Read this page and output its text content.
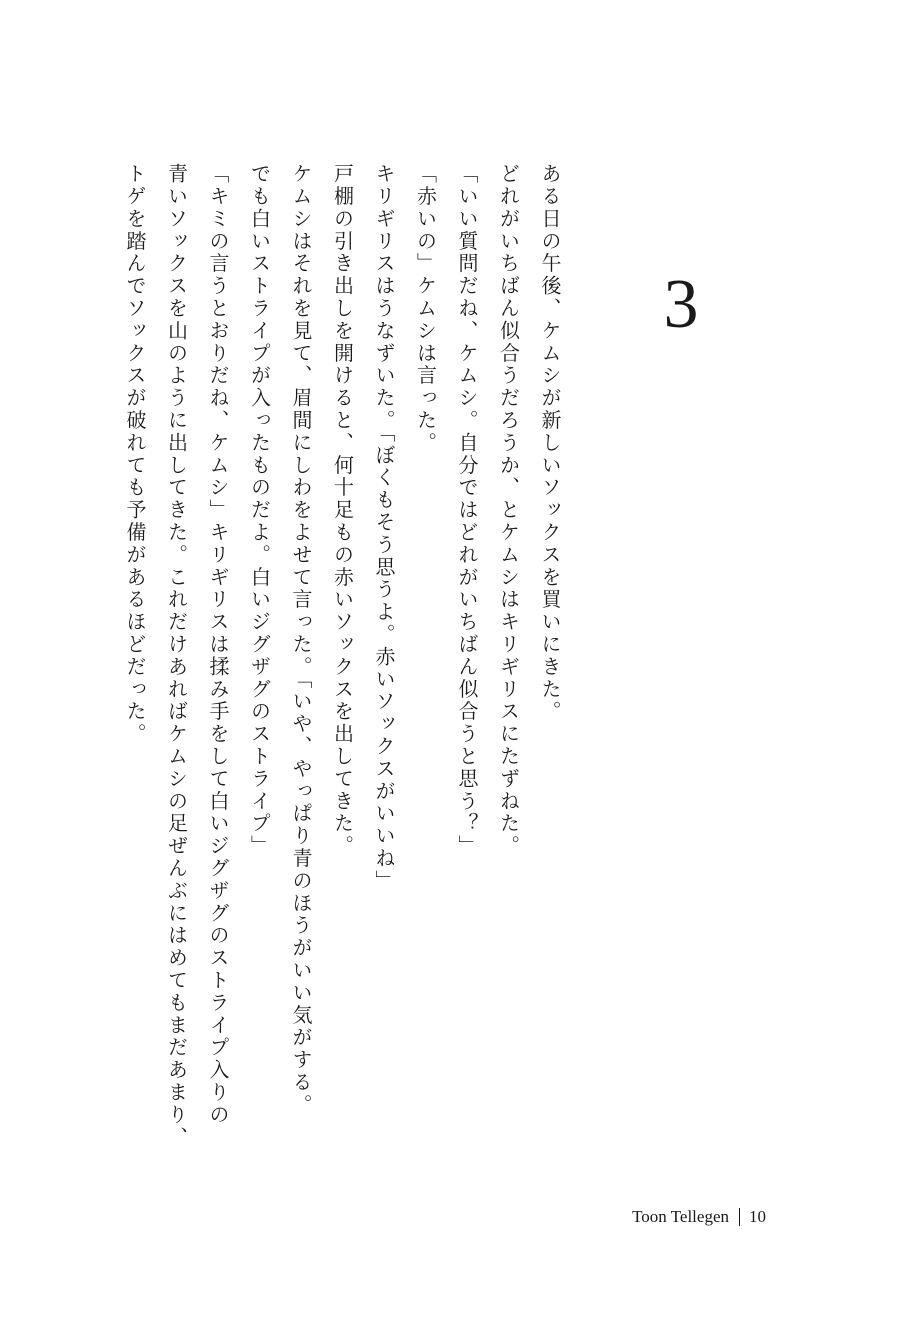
3

ある日の午後、ケムシが新しいソックスを買いにきた。

どれがいちばん似合うだろうか、とケムシはキリギリスにたずねた。

「いい質問だね、ケムシ。自分ではどれがいちばん似合うと思う？」

「赤いの」ケムシは言った。

キリギリスはうなずいた。「ぼくもそう思うよ。赤いソックスがいいね」

戸棚の引き出しを開けると、何十足もの赤いソックスを出してきた。

ケムシはそれを見て、眉間にしわをよせて言った。「いや、やっぱり青のほうがいい気がする。

でも白いストライプが入ったものだよ。白いジグザグのストライプ」

「キミの言うとおりだね、ケムシ」キリギリスは揉み手をして白いジグザグのストライプ入りの

青いソックスを山のように出してきた。これだけあればケムシの足ぜんぶにはめてもまだあまり、

トゲを踏んでソックスが破れても予備があるほどだった。

Toon Tellegen 10
